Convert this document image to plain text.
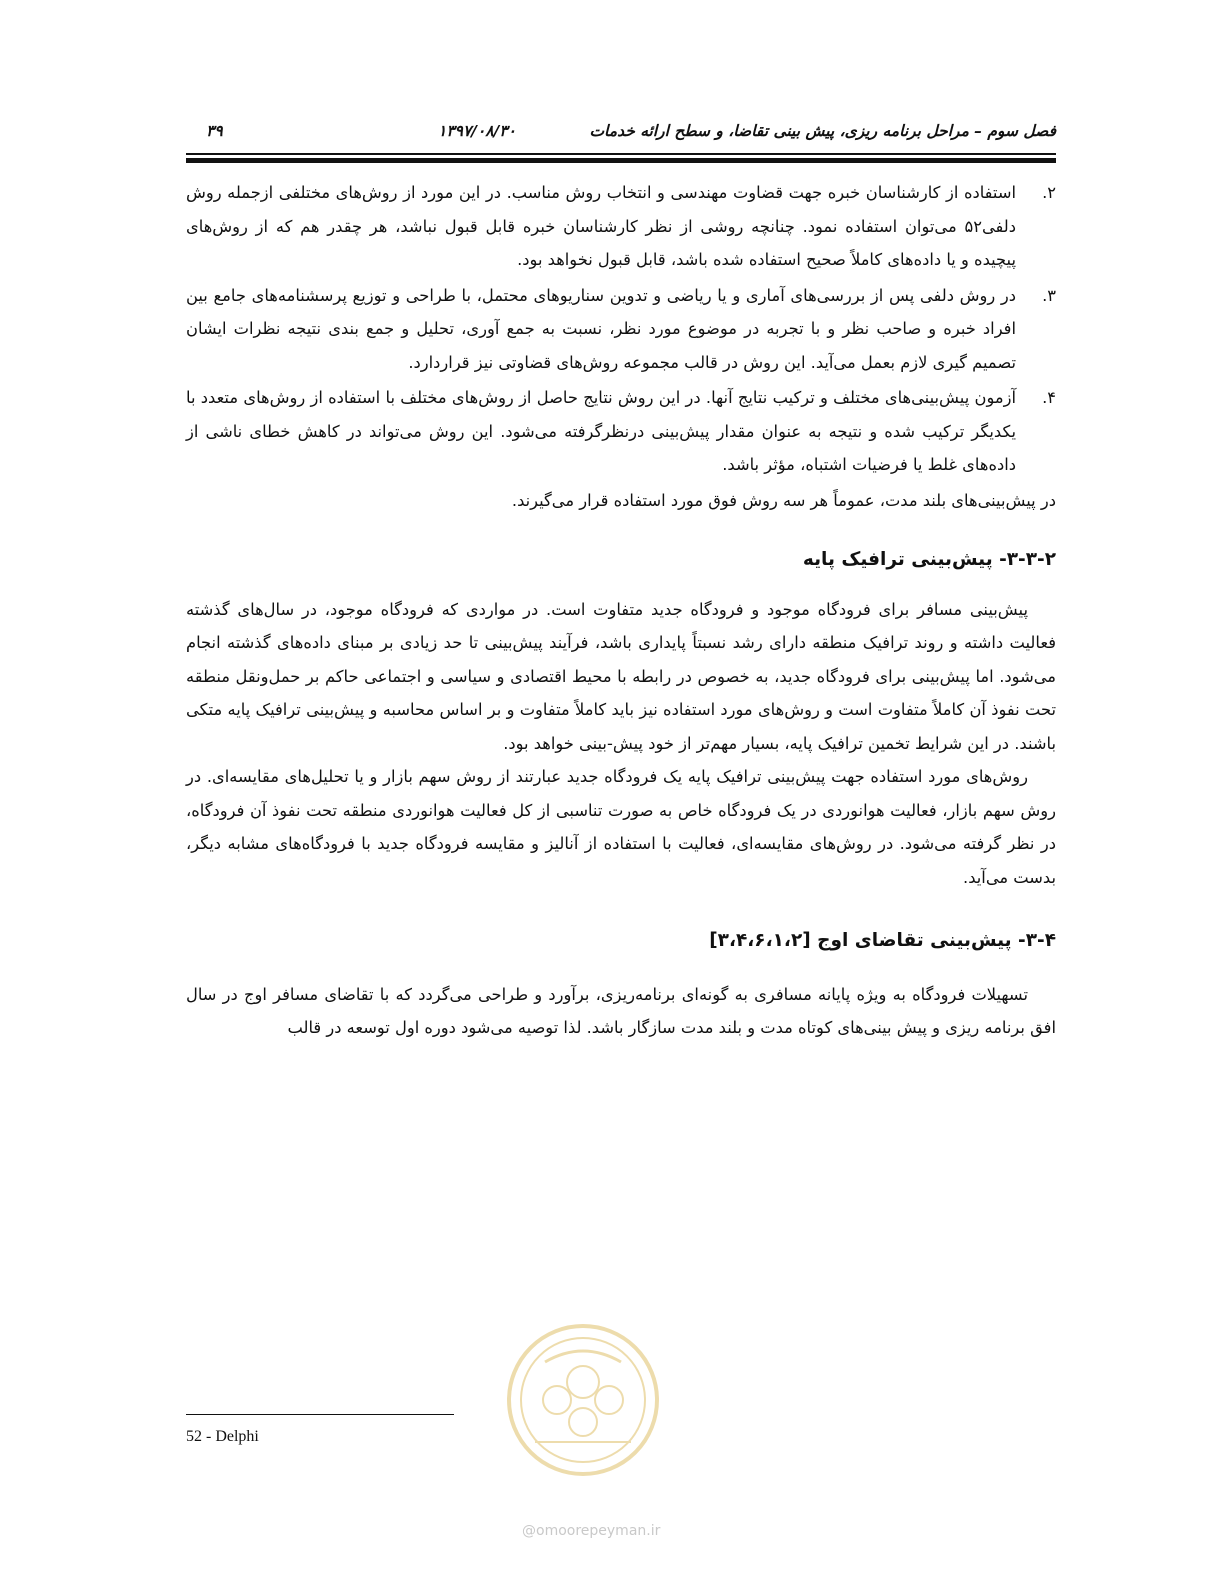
فصل سوم – مراحل برنامه ریزی، پیش بینی تقاضا، و سطح ارائه خدمات
۱۳۹۷/۰۸/۳۰
۳۹
۲.
استفاده از کارشناسان خبره جهت قضاوت مهندسی و انتخاب روش مناسب. در این مورد از روش‌های مختلفی ازجمله روش دلفی۵۲ می‌توان استفاده نمود. چنانچه روشی از نظر کارشناسان خبره قابل قبول نباشد، هر چقدر هم که از روش‌های پیچیده و یا داده‌های کاملاً صحیح استفاده شده باشد، قابل قبول نخواهد بود.
۳.
در روش دلفی پس از بررسی‌های آماری و یا ریاضی و تدوین سناریوهای محتمل، با طراحی و توزیع پرسشنامه‌های جامع بین افراد خبره و صاحب نظر و با تجربه در موضوع مورد نظر، نسبت به جمع آوری، تحلیل و جمع بندی نتیجه نظرات ایشان تصمیم گیری لازم بعمل می‌آید. این روش در قالب مجموعه روش‌های قضاوتی نیز قراردارد.
۴.
آزمون پیش‌بینی‌های مختلف و ترکیب نتایج آنها. در این روش نتایج حاصل از روش‌های مختلف با استفاده از روش‌های متعدد با یکدیگر ترکیب شده و نتیجه به عنوان مقدار پیش‌بینی درنظرگرفته می‌شود. این روش می‌تواند در کاهش خطای ناشی از داده‌های غلط یا فرضیات اشتباه، مؤثر باشد.

در پیش‌بینی‌های بلند مدت، عموماً هر سه روش فوق مورد استفاده قرار می‌گیرند.

۳-۳-۲- پیش‌بینی ترافیک پایه

پیش‌بینی مسافر برای فرودگاه موجود و فرودگاه جدید متفاوت است. در مواردی که فرودگاه موجود، در سال‌های گذشته فعالیت داشته و روند ترافیک منطقه دارای رشد نسبتاً پایداری باشد، فرآیند پیش‌بینی تا حد زیادی بر مبنای داده‌های گذشته انجام می‌شود. اما پیش‌بینی برای فرودگاه جدید، به خصوص در رابطه با محیط اقتصادی و سیاسی و اجتماعی حاکم بر حمل‌ونقل منطقه تحت نفوذ آن کاملاً متفاوت است و روش‌های مورد استفاده نیز باید کاملاً متفاوت و بر اساس محاسبه و پیش‌بینی ترافیک پایه متکی باشند. در این شرایط تخمین ترافیک پایه، بسیار مهم‌تر از خود پیش-بینی خواهد بود.

روش‌های مورد استفاده جهت پیش‌بینی ترافیک پایه یک فرودگاه جدید عبارتند از روش سهم بازار و یا تحلیل‌های مقایسه‌ای. در روش سهم بازار، فعالیت هوانوردی در یک فرودگاه خاص به صورت تناسبی از کل فعالیت هوانوردی منطقه تحت نفوذ آن فرودگاه، در نظر گرفته می‌شود. در روش‌های مقایسه‌ای، فعالیت با استفاده از آنالیز و مقایسه فرودگاه جدید با فرودگاه‌های مشابه دیگر، بدست می‌آید.

۳-۴- پیش‌بینی تقاضای اوج [۳،۴،۶،۱،۲]

تسهیلات فرودگاه به ویژه پایانه مسافری به گونه‌ای برنامه‌ریزی، برآورد و طراحی می‌گردد که با تقاضای مسافر اوج در سال افق برنامه ریزی و پیش بینی‌های کوتاه مدت و بلند مدت سازگار باشد. لذا توصیه می‌شود دوره اول توسعه در قالب

52 - Delphi
@omoorepeyman.ir
